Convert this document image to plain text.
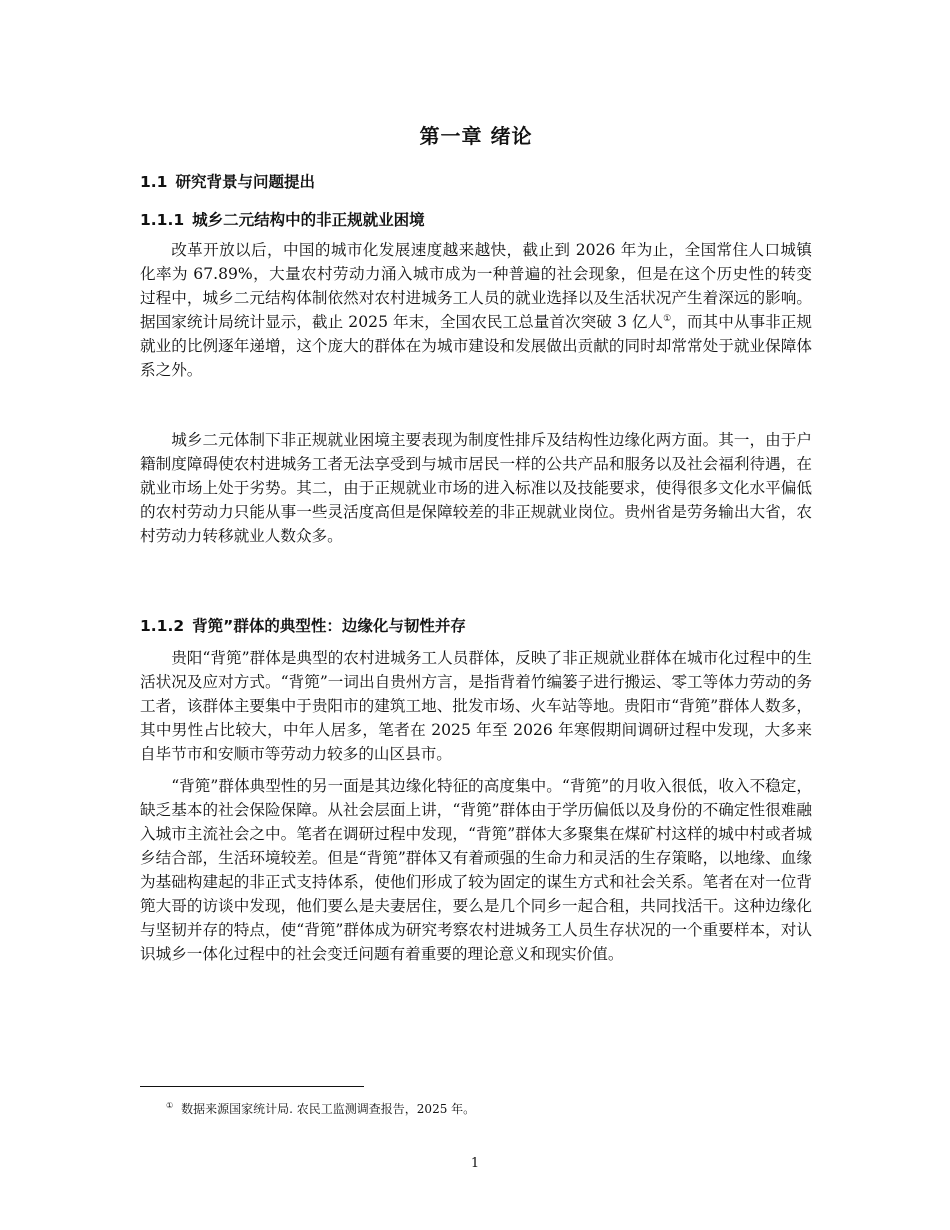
第一章 绪论
1.1 研究背景与问题提出
1.1.1 城乡二元结构中的非正规就业困境

改革开放以后，中国的城市化发展速度越来越快，截止到 2026 年为止，全国常住人口城镇化率为 67.89%，大量农村劳动力涌入城市成为一种普遍的社会现象，但是在这个历史性的转变过程中，城乡二元结构体制依然对农村进城务工人员的就业选择以及生活状况产生着深远的影响。据国家统计局统计显示，截止 2025 年末，全国农民工总量首次突破 3 亿人①，而其中从事非正规就业的比例逐年递增，这个庞大的群体在为城市建设和发展做出贡献的同时却常常处于就业保障体系之外。

城乡二元体制下非正规就业困境主要表现为制度性排斥及结构性边缘化两方面。其一，由于户籍制度障碍使农村进城务工者无法享受到与城市居民一样的公共产品和服务以及社会福利待遇，在就业市场上处于劣势。其二，由于正规就业市场的进入标准以及技能要求，使得很多文化水平偏低的农村劳动力只能从事一些灵活度高但是保障较差的非正规就业岗位。贵州省是劳务输出大省，农村劳动力转移就业人数众多。

1.1.2 背篼”群体的典型性：边缘化与韧性并存

贵阳“背篼”群体是典型的农村进城务工人员群体，反映了非正规就业群体在城市化过程中的生活状况及应对方式。“背篼”一词出自贵州方言，是指背着竹编篓子进行搬运、零工等体力劳动的务工者，该群体主要集中于贵阳市的建筑工地、批发市场、火车站等地。贵阳市“背篼”群体人数多，其中男性占比较大，中年人居多，笔者在 2025 年至 2026 年寒假期间调研过程中发现，大多来自毕节市和安顺市等劳动力较多的山区县市。

“背篼”群体典型性的另一面是其边缘化特征的高度集中。“背篼”的月收入很低，收入不稳定，缺乏基本的社会保险保障。从社会层面上讲，“背篼”群体由于学历偏低以及身份的不确定性很难融入城市主流社会之中。笔者在调研过程中发现，“背篼”群体大多聚集在煤矿村这样的城中村或者城乡结合部，生活环境较差。但是“背篼”群体又有着顽强的生命力和灵活的生存策略，以地缘、血缘为基础构建起的非正式支持体系，使他们形成了较为固定的谋生方式和社会关系。笔者在对一位背篼大哥的访谈中发现，他们要么是夫妻居住，要么是几个同乡一起合租，共同找活干。这种边缘化与坚韧并存的特点，使“背篼”群体成为研究考察农村进城务工人员生存状况的一个重要样本，对认识城乡一体化过程中的社会变迁问题有着重要的理论意义和现实价值。

① 数据来源国家统计局. 农民工监测调查报告，2025 年。
1
